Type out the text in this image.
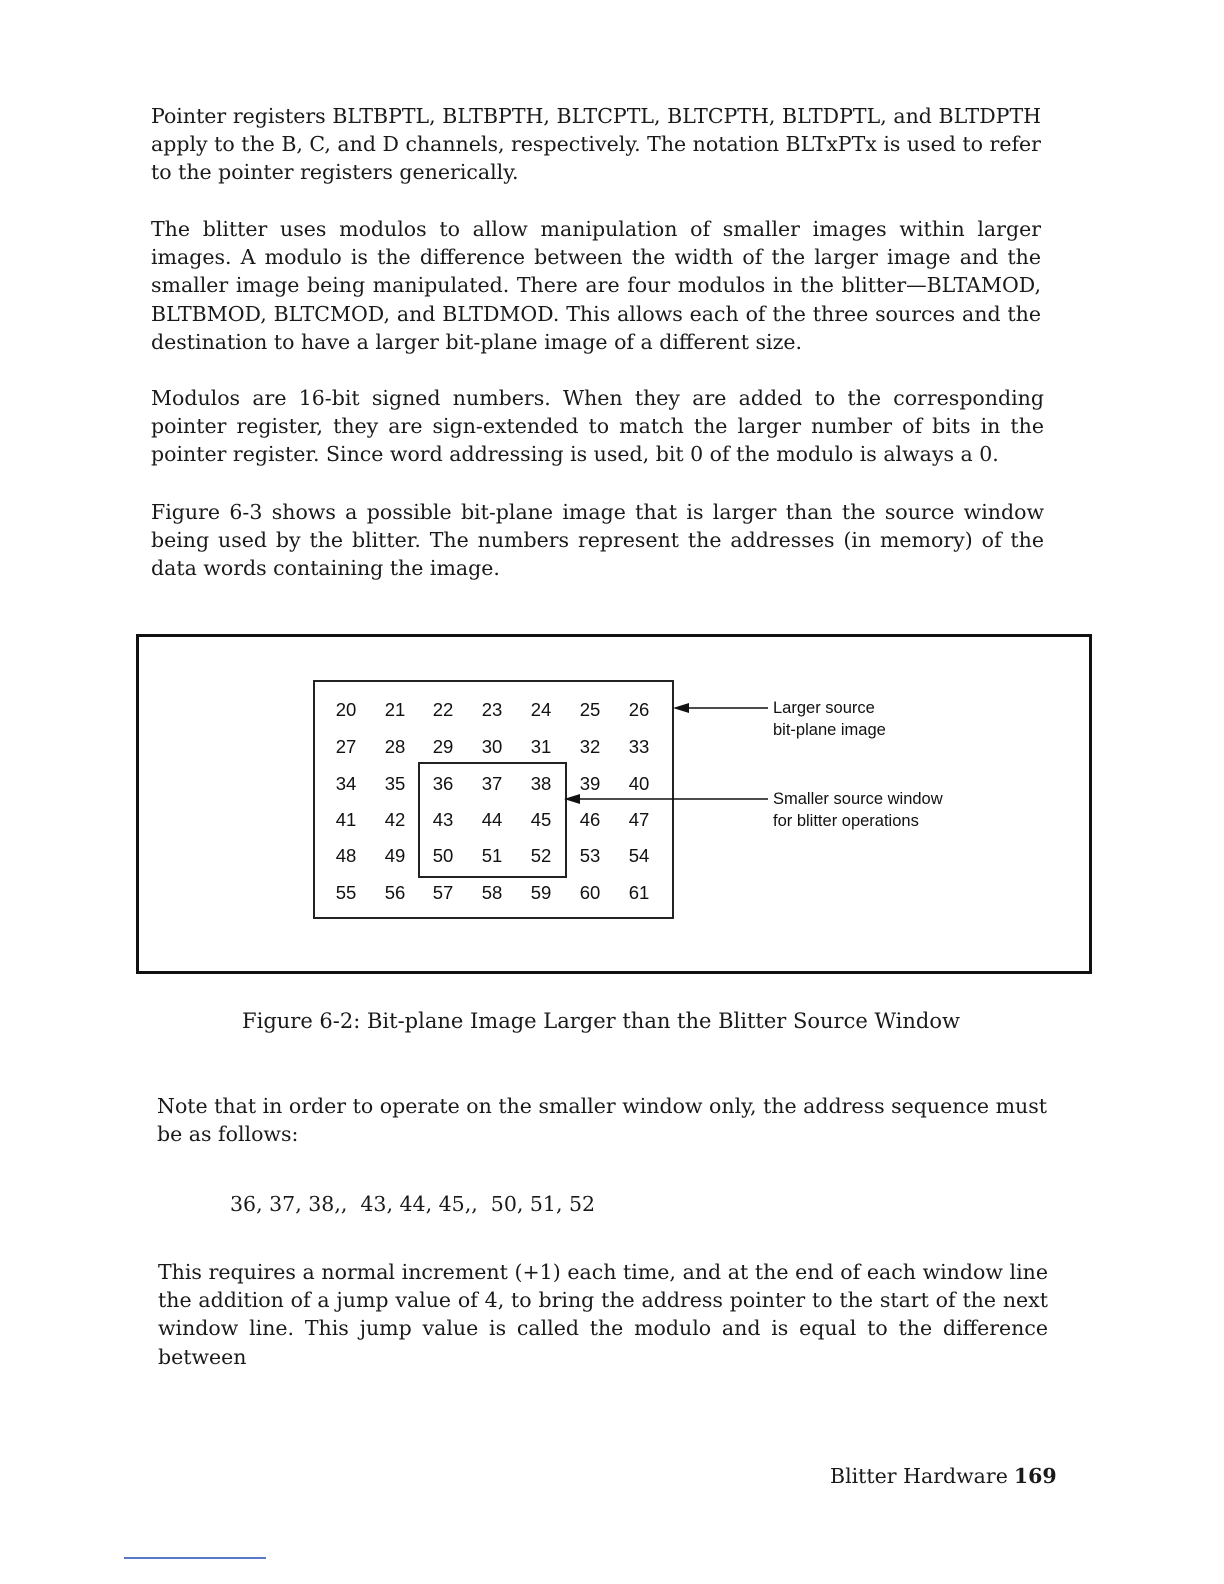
Pointer registers BLTBPTL, BLTBPTH, BLTCPTL, BLTCPTH, BLTDPTL, and BLTDPTH apply to the B, C, and D channels, respectively. The notation BLTxPTx is used to refer to the pointer registers generically.

The blitter uses modulos to allow manipulation of smaller images within larger images. A modulo is the difference between the width of the larger image and the smaller image being manipulated. There are four modulos in the blitter—BLTAMOD, BLTBMOD, BLTCMOD, and BLTDMOD. This allows each of the three sources and the destination to have a larger bit-plane image of a different size.

Modulos are 16-bit signed numbers. When they are added to the corresponding pointer register, they are sign-extended to match the larger number of bits in the pointer register. Since word addressing is used, bit 0 of the modulo is always a 0.

Figure 6-3 shows a possible bit-plane image that is larger than the source window being used by the blitter. The numbers represent the addresses (in memory) of the data words containing the image.

20	21	22	23	24	25	26
27	28	29	30	31	32	33
34	35	36	37	38	39	40
41	42	43	44	45	46	47
48	49	50	51	52	53	54
55	56	57	58	59	60	61

Larger source
bit-plane image

Smaller source window
for blitter operations

Figure 6-2: Bit-plane Image Larger than the Blitter Source Window

Note that in order to operate on the smaller window only, the address sequence must be as follows:

36, 37, 38,,  43, 44, 45,,  50, 51, 52

This requires a normal increment (+1) each time, and at the end of each window line the addition of a jump value of 4, to bring the address pointer to the start of the next window line. This jump value is called the modulo and is equal to the difference between

Blitter Hardware 169
